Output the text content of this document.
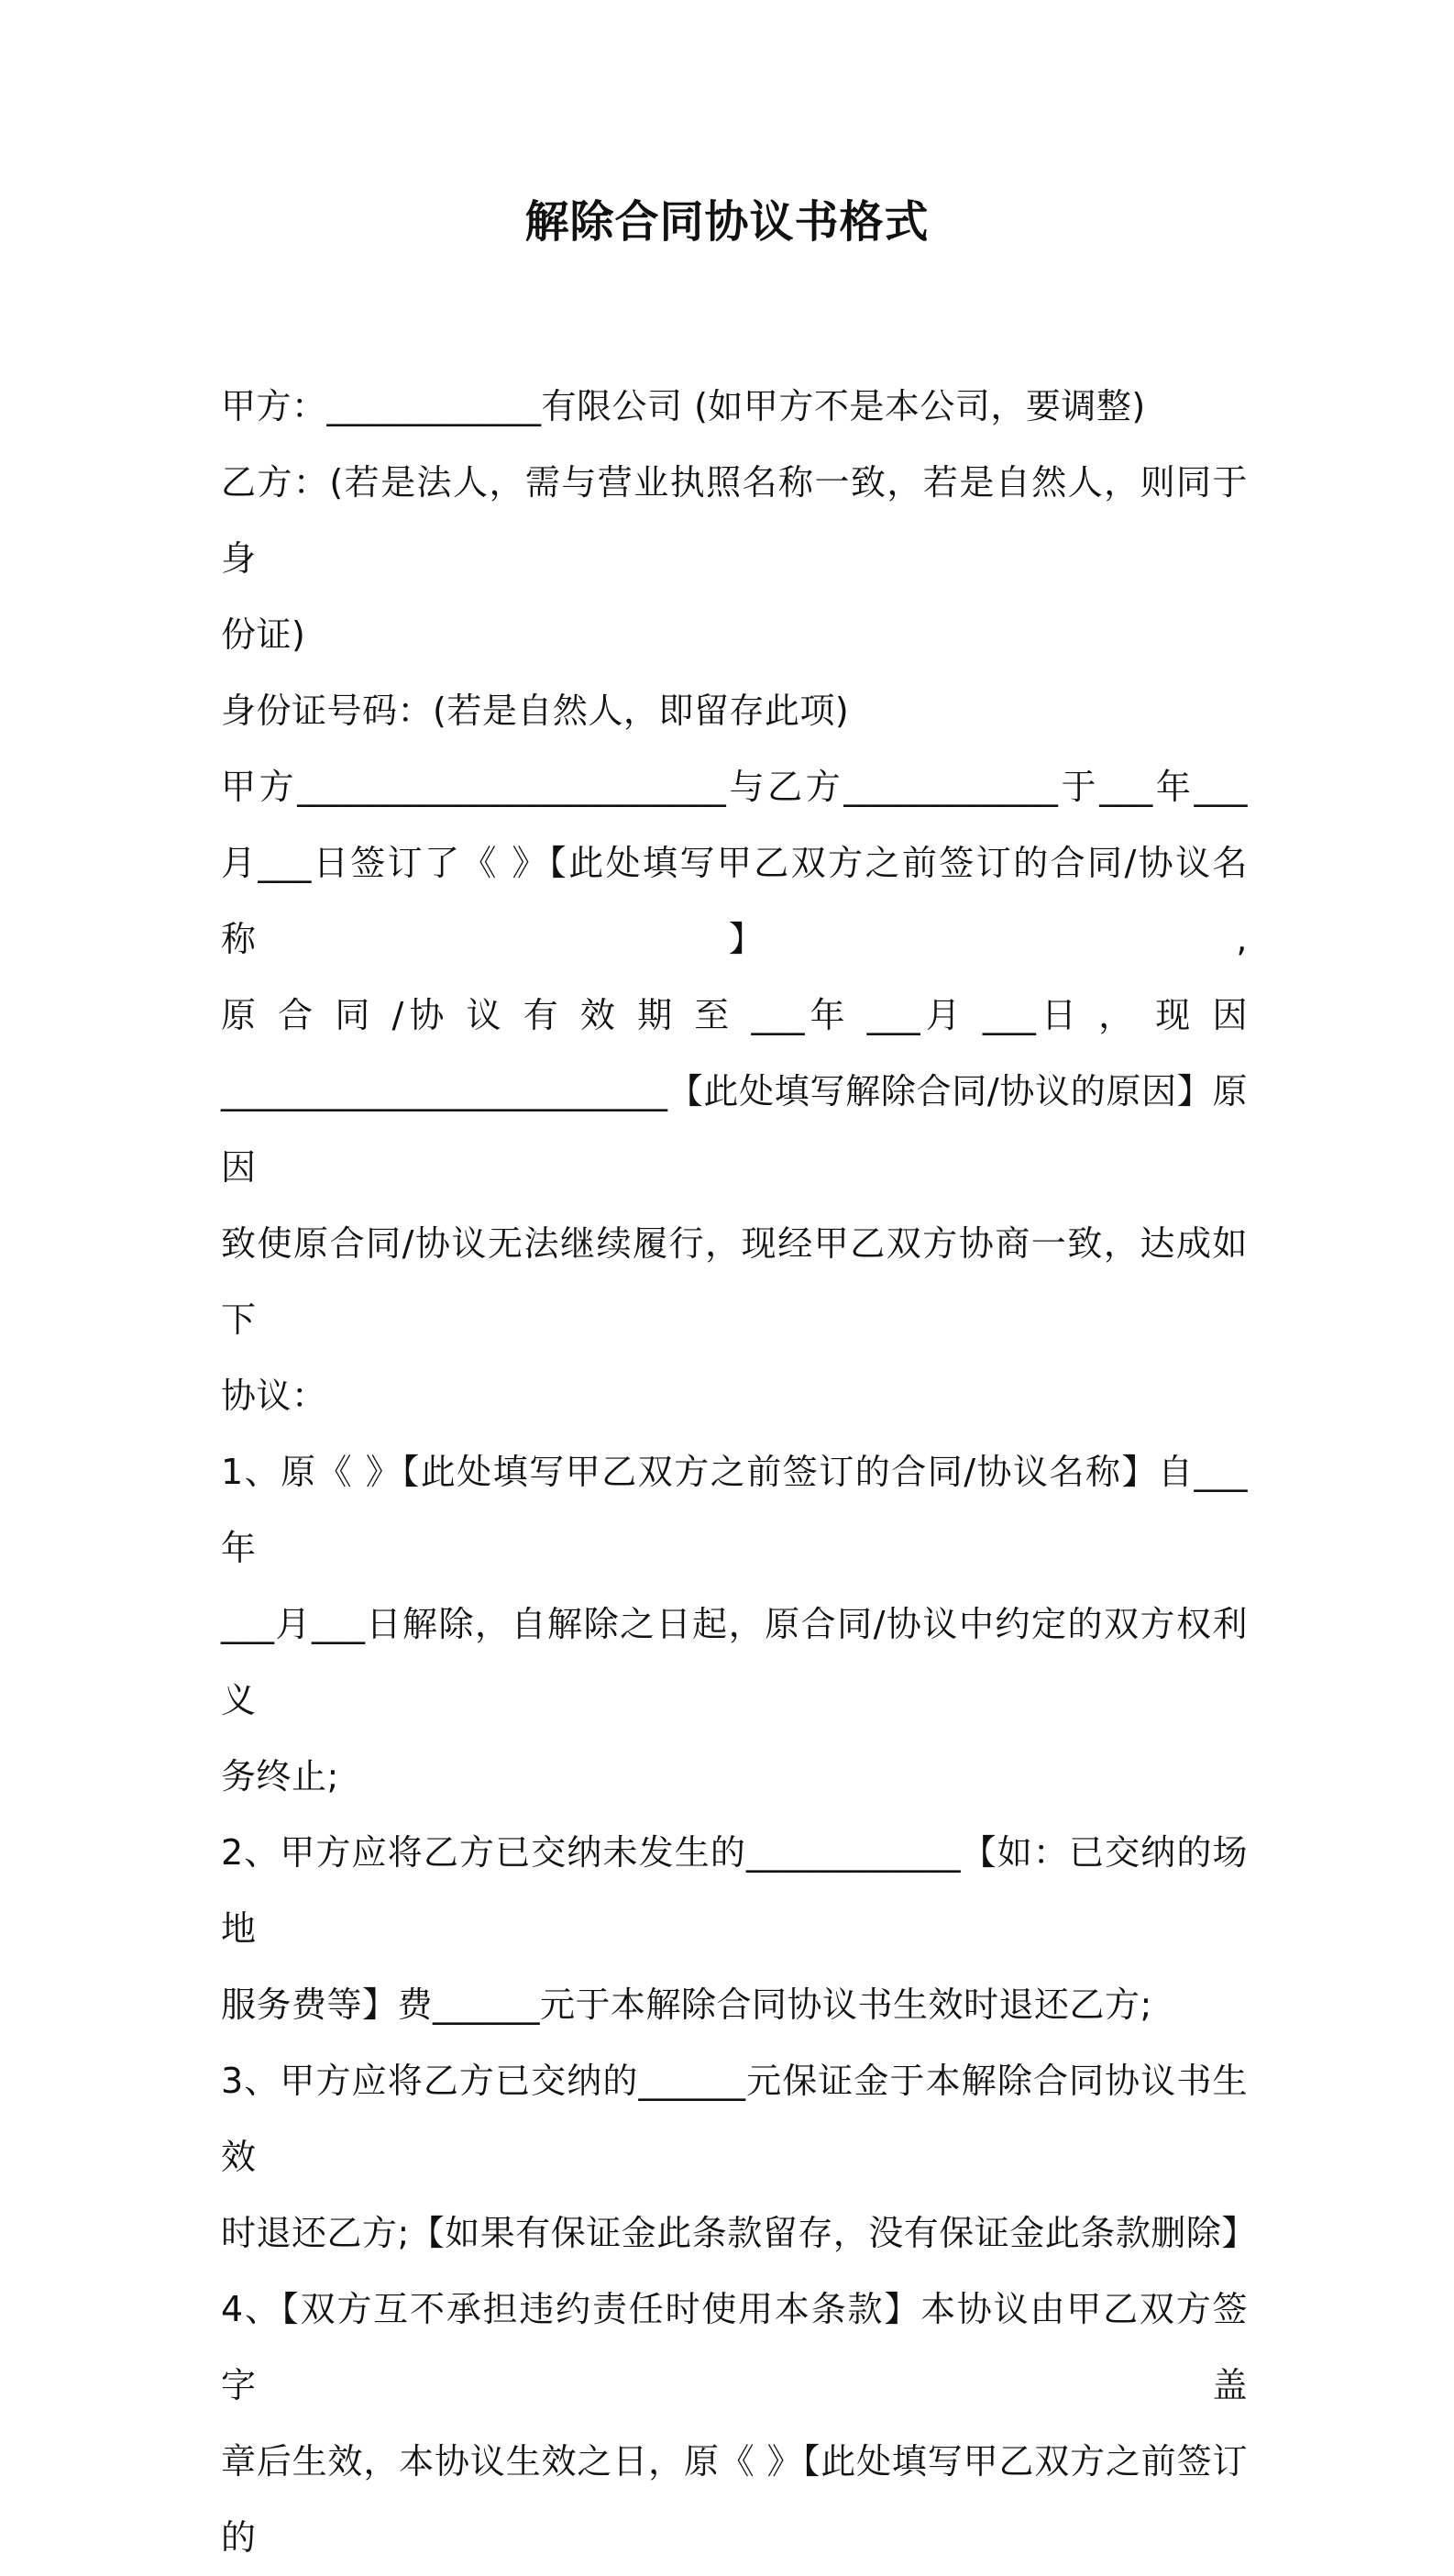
解除合同协议书格式

甲方：____________有限公司 (如甲方不是本公司，要调整)

乙方：(若是法人，需与营业执照名称一致，若是自然人，则同于身

份证)

身份证号码：(若是自然人，即留存此项)

甲方________________________与乙方____________于___年___

月___日签订了《 》【此处填写甲乙双方之前签订的合同/协议名称】,

原 合 同 /协 议 有 效 期 至 ___年 ___月 ___日 ， 现 因

_________________________【此处填写解除合同/协议的原因】原因

致使原合同/协议无法继续履行，现经甲乙双方协商一致，达成如下

协议：

1、原《 》【此处填写甲乙双方之前签订的合同/协议名称】自___年

___月___日解除，自解除之日起，原合同/协议中约定的双方权利义

务终止;

2、甲方应将乙方已交纳未发生的____________【如：已交纳的场地

服务费等】费______元于本解除合同协议书生效时退还乙方;

3、甲方应将乙方已交纳的______元保证金于本解除合同协议书生效

时退还乙方;【如果有保证金此条款留存，没有保证金此条款删除】

4、【双方互不承担违约责任时使用本条款】本协议由甲乙双方签字盖

章后生效，本协议生效之日，原《 》【此处填写甲乙双方之前签订的
